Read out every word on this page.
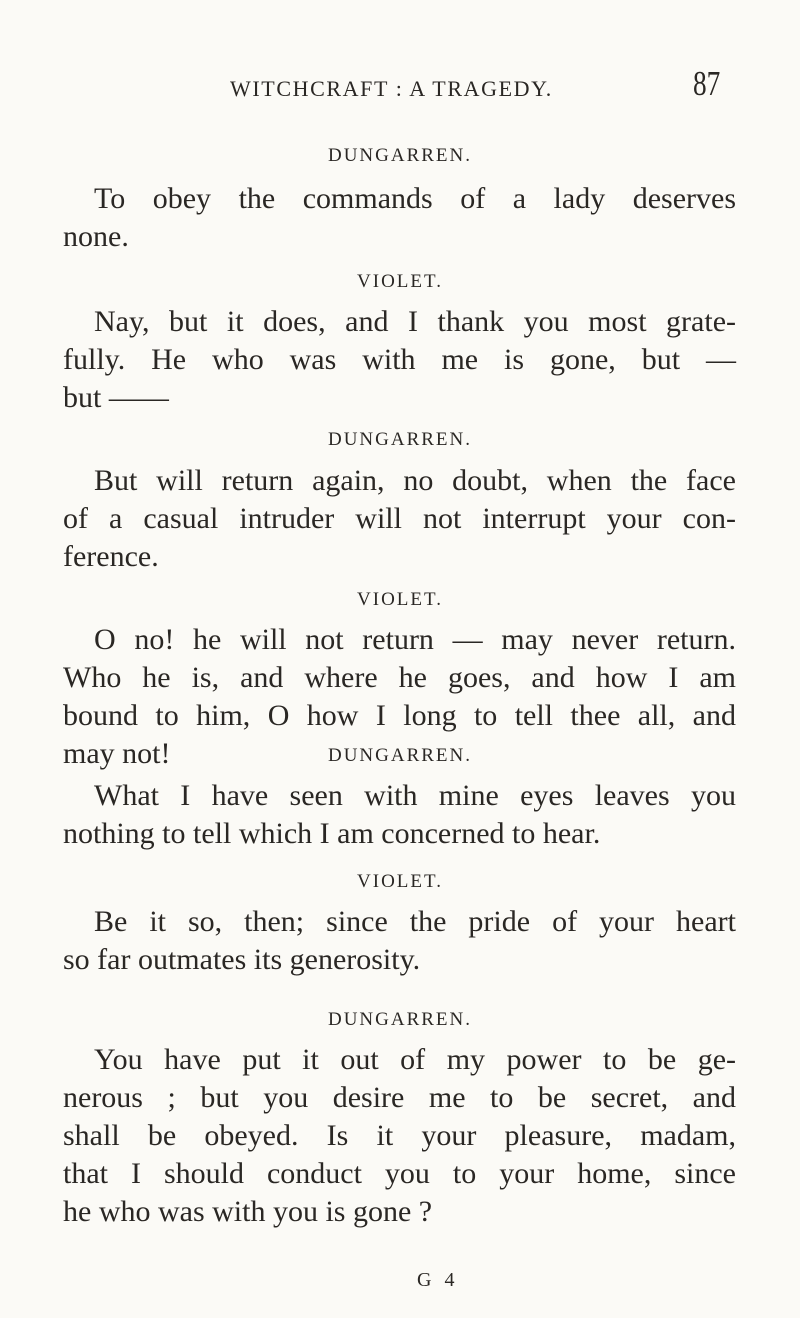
WITCHCRAFT : A TRAGEDY.	87
DUNGARREN.
To obey the commands of a lady deserves
none.
VIOLET.
Nay, but it does, and I thank you most grate-
fully. He who was with me is gone, but —
but ——
DUNGARREN.
But will return again, no doubt, when the face
of a casual intruder will not interrupt your con-
ference.
VIOLET.
O no! he will not return — may never return.
Who he is, and where he goes, and how I am
bound to him, O how I long to tell thee all, and
may not!	DUNGARREN.
What I have seen with mine eyes leaves you
nothing to tell which I am concerned to hear.
VIOLET.
Be it so, then; since the pride of your heart
so far outmates its generosity.
DUNGARREN.
You have put it out of my power to be ge-
nerous ; but you desire me to be secret, and
shall be obeyed. Is it your pleasure, madam,
that I should conduct you to your home, since
he who was with you is gone ?
G 4
